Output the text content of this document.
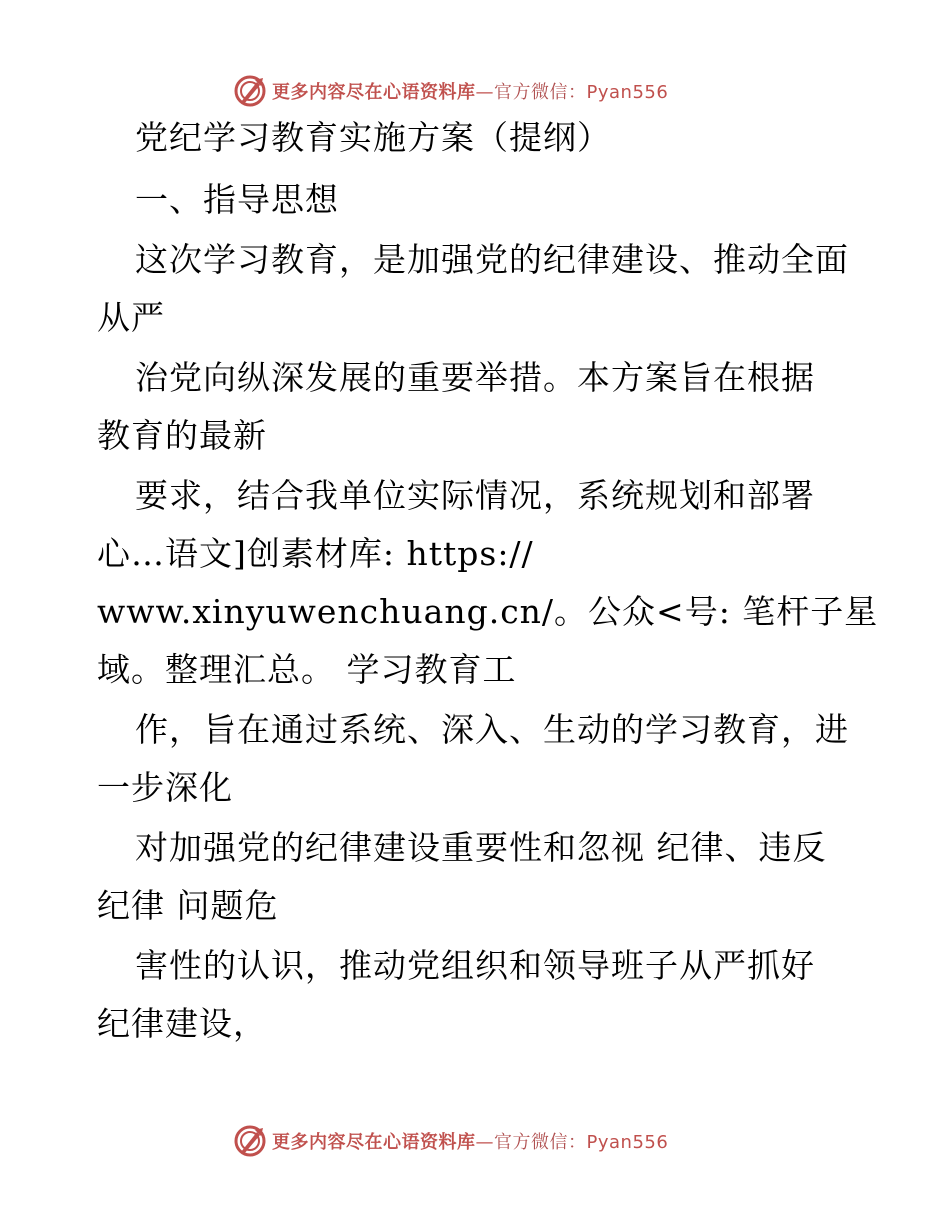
更多内容尽在心语资料库—官方微信：Pyan556
党纪学习教育实施方案（提纲）
一、指导思想
这次学习教育，是加强党的纪律建设、推动全面
从严
治党向纵深发展的重要举措。本方案旨在根据
教育的最新
要求，结合我单位实际情况，系统规划和部署
心…语文]创素材库: https://
www.xinyuwenchuang.cn/。公众<号: 笔杆子星
域。整理汇总。 学习教育工
作，旨在通过系统、深入、生动的学习教育，进
一步深化
对加强党的纪律建设重要性和忽视 纪律、违反
纪律 问题危
害性的认识，推动党组织和领导班子从严抓好
纪律建设，
更多内容尽在心语资料库—官方微信：Pyan556
